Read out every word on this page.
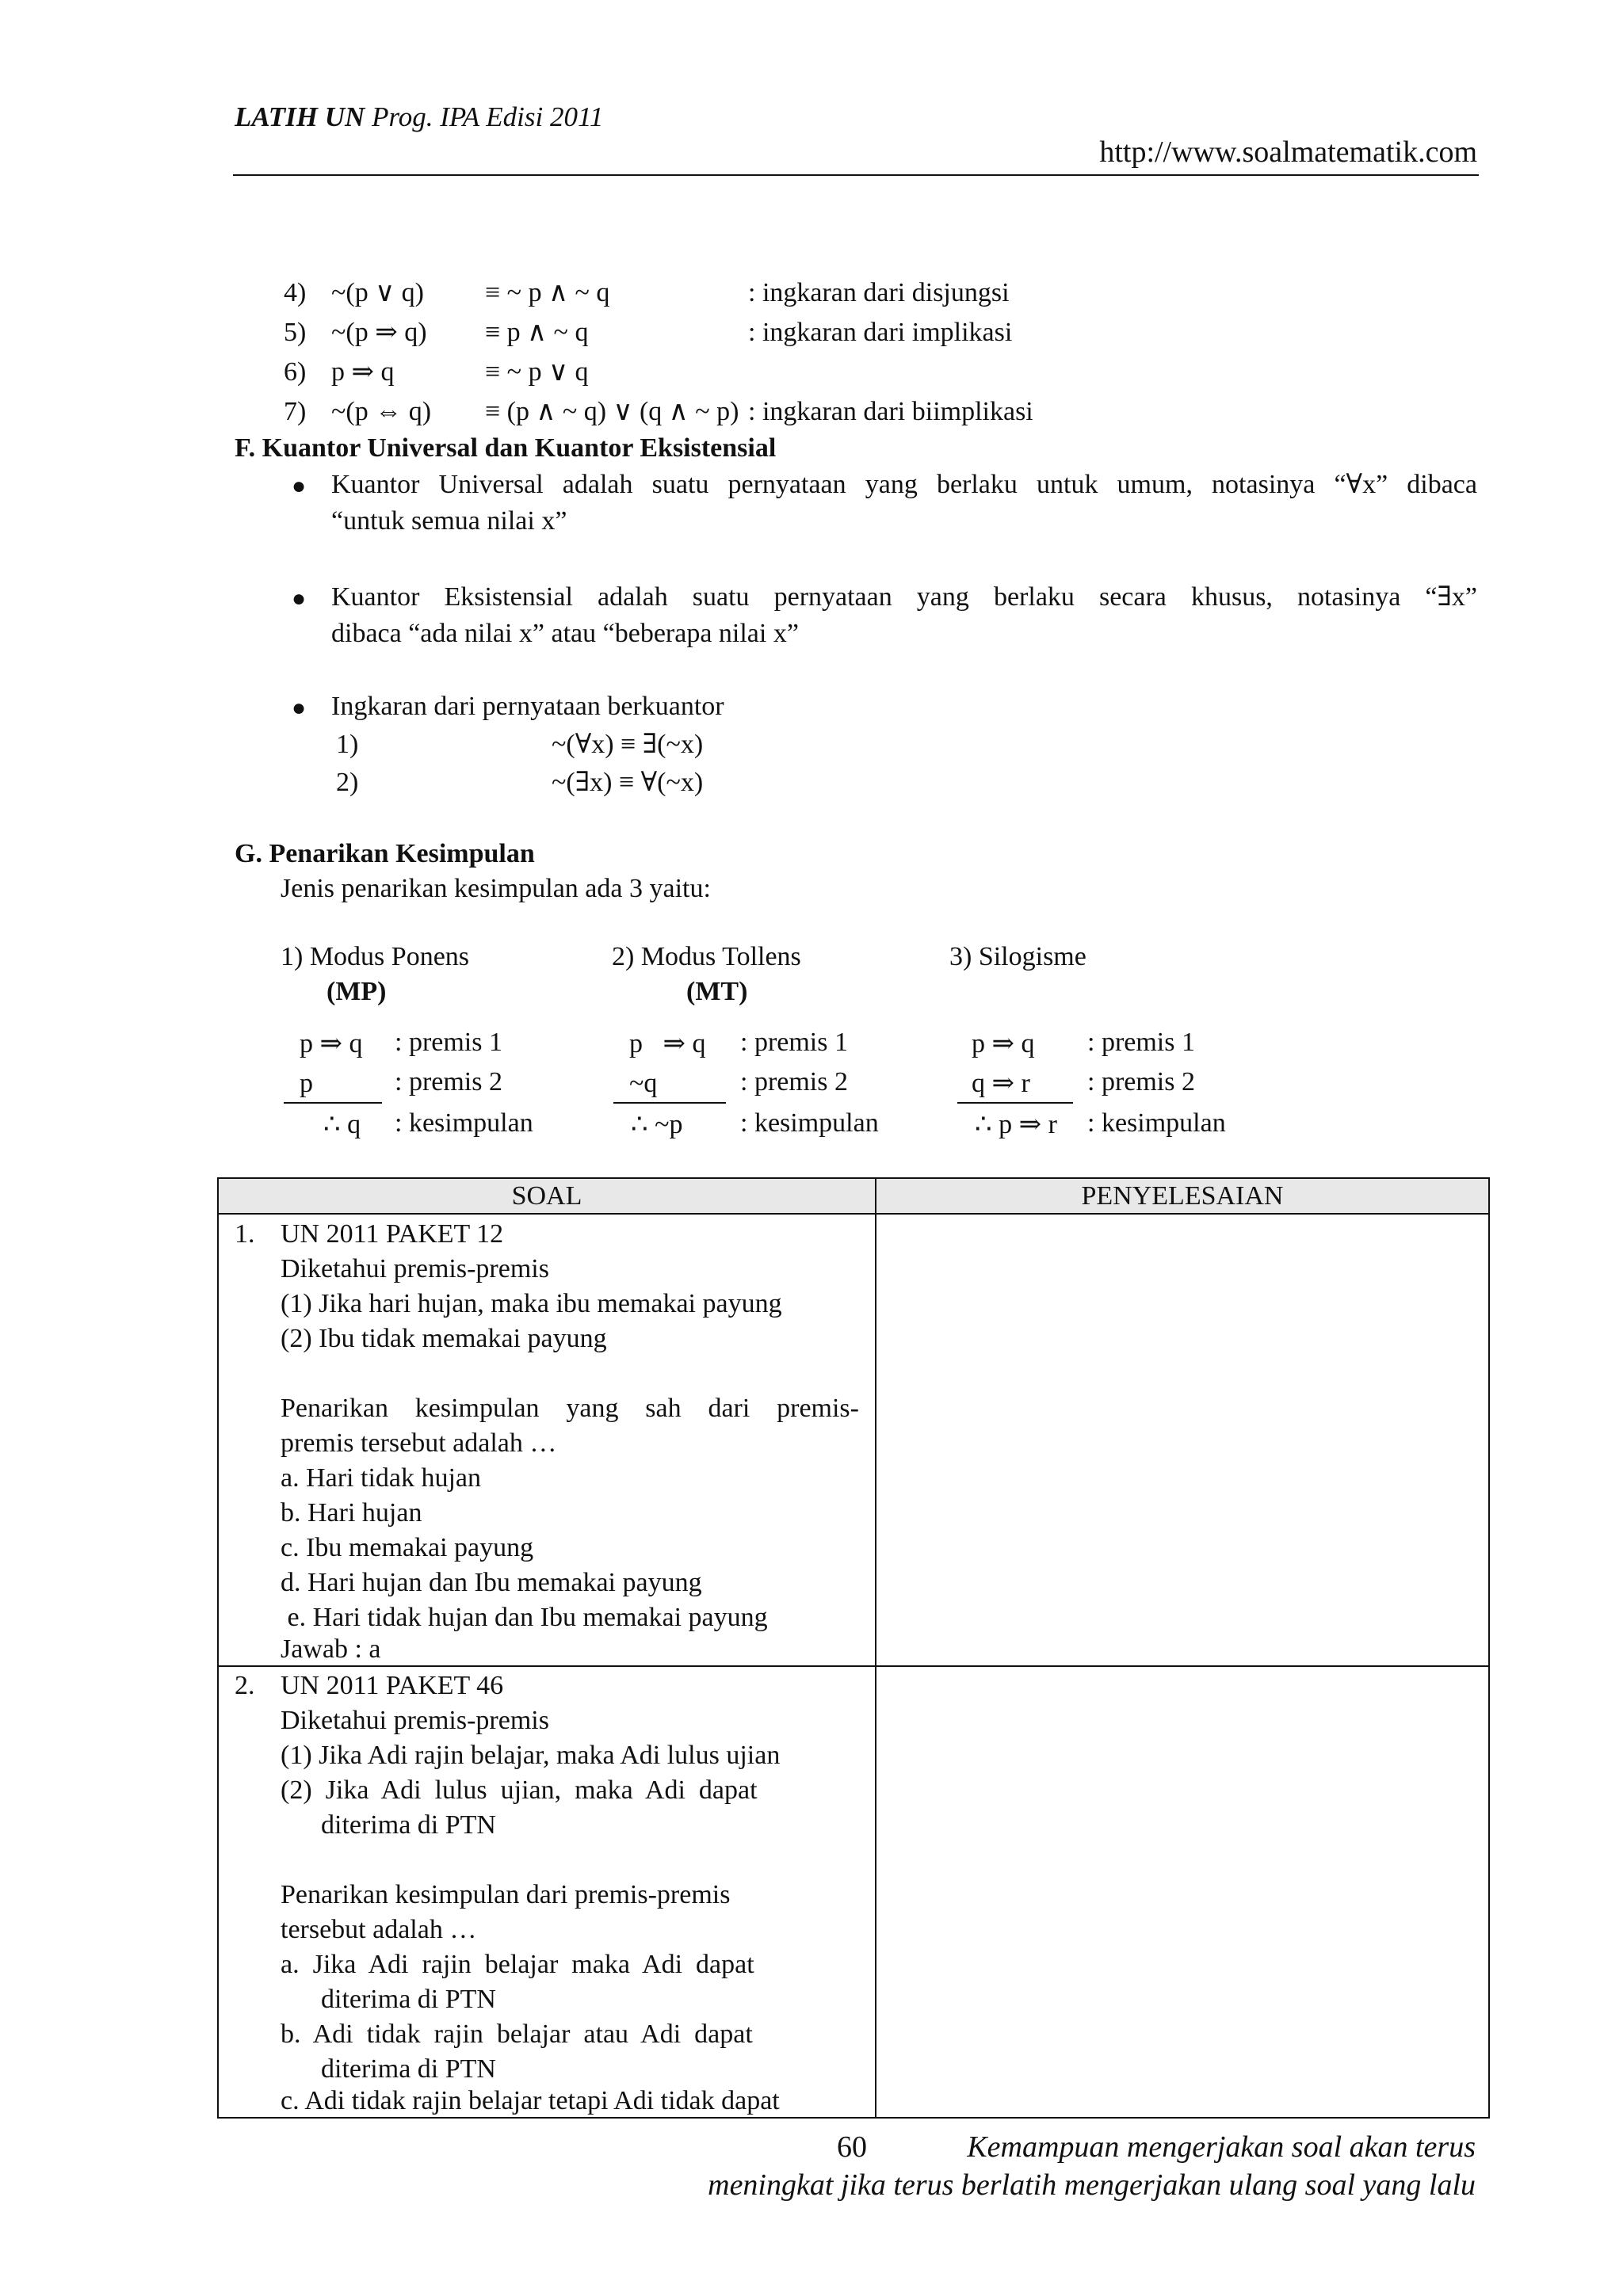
LATIH UN Prog. IPA Edisi 2011
http://www.soalmatematik.com
4) ~(p ∨ q) ≡ ~ p ∧ ~ q	: ingkaran dari disjungsi
5) ~(p ⇒ q) ≡ p ∧ ~ q	: ingkaran dari implikasi
6) p ⇒ q	≡ ~ p ∨ q
7) ~(p ⇔ q) ≡ (p ∧ ~ q) ∨ (q ∧ ~ p) : ingkaran dari biimplikasi
F. Kuantor Universal dan Kuantor Eksistensial
● Kuantor Universal adalah suatu pernyataan yang berlaku untuk umum, notasinya “∀x” dibaca
“untuk semua nilai x”
● Kuantor Eksistensial adalah suatu pernyataan yang berlaku secara khusus, notasinya “∃x”
dibaca “ada nilai x” atau “beberapa nilai x”
● Ingkaran dari pernyataan berkuantor
1)	~(∀x) ≡ ∃(~x)
2)	~(∃x) ≡ ∀(~x)
G. Penarikan Kesimpulan
Jenis penarikan kesimpulan ada 3 yaitu:
1) Modus Ponens
(MP)
2) Modus Tollens
(MT)
3) Silogisme
p ⇒ q : premis 1
p	: premis 2
∴ q : kesimpulan
p   ⇒ q : premis 1
~q	: premis 2
∴ ~p : kesimpulan
p ⇒ q : premis 1
q ⇒ r : premis 2
∴ p ⇒ r : kesimpulan
SOAL	PENYELESAIAN
1. UN 2011 PAKET 12
Diketahui premis-premis
(1) Jika hari hujan, maka ibu memakai payung
(2) Ibu tidak memakai payung
Penarikan kesimpulan yang sah dari premis-
premis tersebut adalah …
a. Hari tidak hujan
b. Hari hujan
c. Ibu memakai payung
d. Hari hujan dan Ibu memakai payung
e. Hari tidak hujan dan Ibu memakai payung
Jawab : a
2. UN 2011 PAKET 46
Diketahui premis-premis
(1) Jika Adi rajin belajar, maka Adi lulus ujian
(2)  Jika  Adi  lulus  ujian,  maka  Adi  dapat
diterima di PTN
Penarikan kesimpulan dari premis-premis
tersebut adalah …
a.  Jika  Adi  rajin  belajar  maka  Adi  dapat
diterima di PTN
b.  Adi  tidak  rajin  belajar  atau  Adi  dapat
diterima di PTN
c. Adi tidak rajin belajar tetapi Adi tidak dapat
60	Kemampuan mengerjakan soal akan terus
meningkat jika terus berlatih mengerjakan ulang soal yang lalu
